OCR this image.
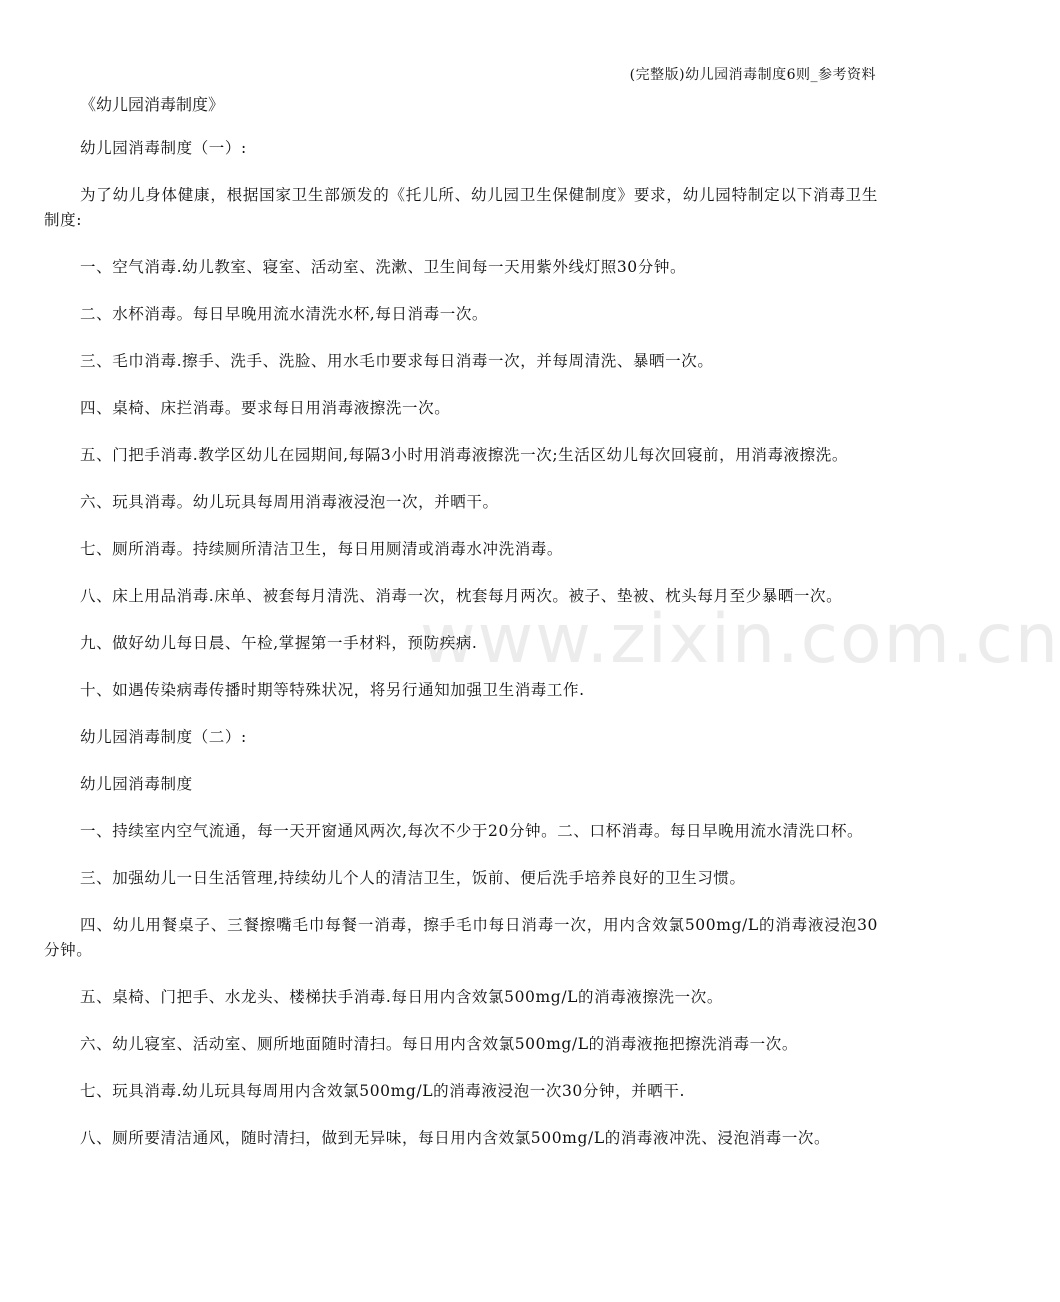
(完整版)幼儿园消毒制度6则_参考资料
《幼儿园消毒制度》
www.zixin.com.cn

幼儿园消毒制度（一）:

为了幼儿身体健康，根据国家卫生部颁发的《托儿所、幼儿园卫生保健制度》要求，幼儿园特制定以下消毒卫生制度:

一、空气消毒.幼儿教室、寝室、活动室、洗漱、卫生间每一天用紫外线灯照30分钟。

二、水杯消毒。每日早晚用流水清洗水杯,每日消毒一次。

三、毛巾消毒.擦手、洗手、洗脸、用水毛巾要求每日消毒一次，并每周清洗、暴晒一次。

四、桌椅、床拦消毒。要求每日用消毒液擦洗一次。

五、门把手消毒.教学区幼儿在园期间,每隔3小时用消毒液擦洗一次;生活区幼儿每次回寝前，用消毒液擦洗。

六、玩具消毒。幼儿玩具每周用消毒液浸泡一次，并晒干。

七、厕所消毒。持续厕所清洁卫生，每日用厕清或消毒水冲洗消毒。

八、床上用品消毒.床单、被套每月清洗、消毒一次，枕套每月两次。被子、垫被、枕头每月至少暴晒一次。

九、做好幼儿每日晨、午检,掌握第一手材料，预防疾病.

十、如遇传染病毒传播时期等特殊状况，将另行通知加强卫生消毒工作.

幼儿园消毒制度（二）:

幼儿园消毒制度

一、持续室内空气流通，每一天开窗通风两次,每次不少于20分钟。二、口杯消毒。每日早晚用流水清洗口杯。

三、加强幼儿一日生活管理,持续幼儿个人的清洁卫生，饭前、便后洗手培养良好的卫生习惯。

四、幼儿用餐桌子、三餐擦嘴毛巾每餐一消毒，擦手毛巾每日消毒一次，用内含效氯500mg/L的消毒液浸泡30分钟。

五、桌椅、门把手、水龙头、楼梯扶手消毒.每日用内含效氯500mg/L的消毒液擦洗一次。

六、幼儿寝室、活动室、厕所地面随时清扫。每日用内含效氯500mg/L的消毒液拖把擦洗消毒一次。

七、玩具消毒.幼儿玩具每周用内含效氯500mg/L的消毒液浸泡一次30分钟，并晒干.

八、厕所要清洁通风，随时清扫，做到无异味，每日用内含效氯500mg/L的消毒液冲洗、浸泡消毒一次。
